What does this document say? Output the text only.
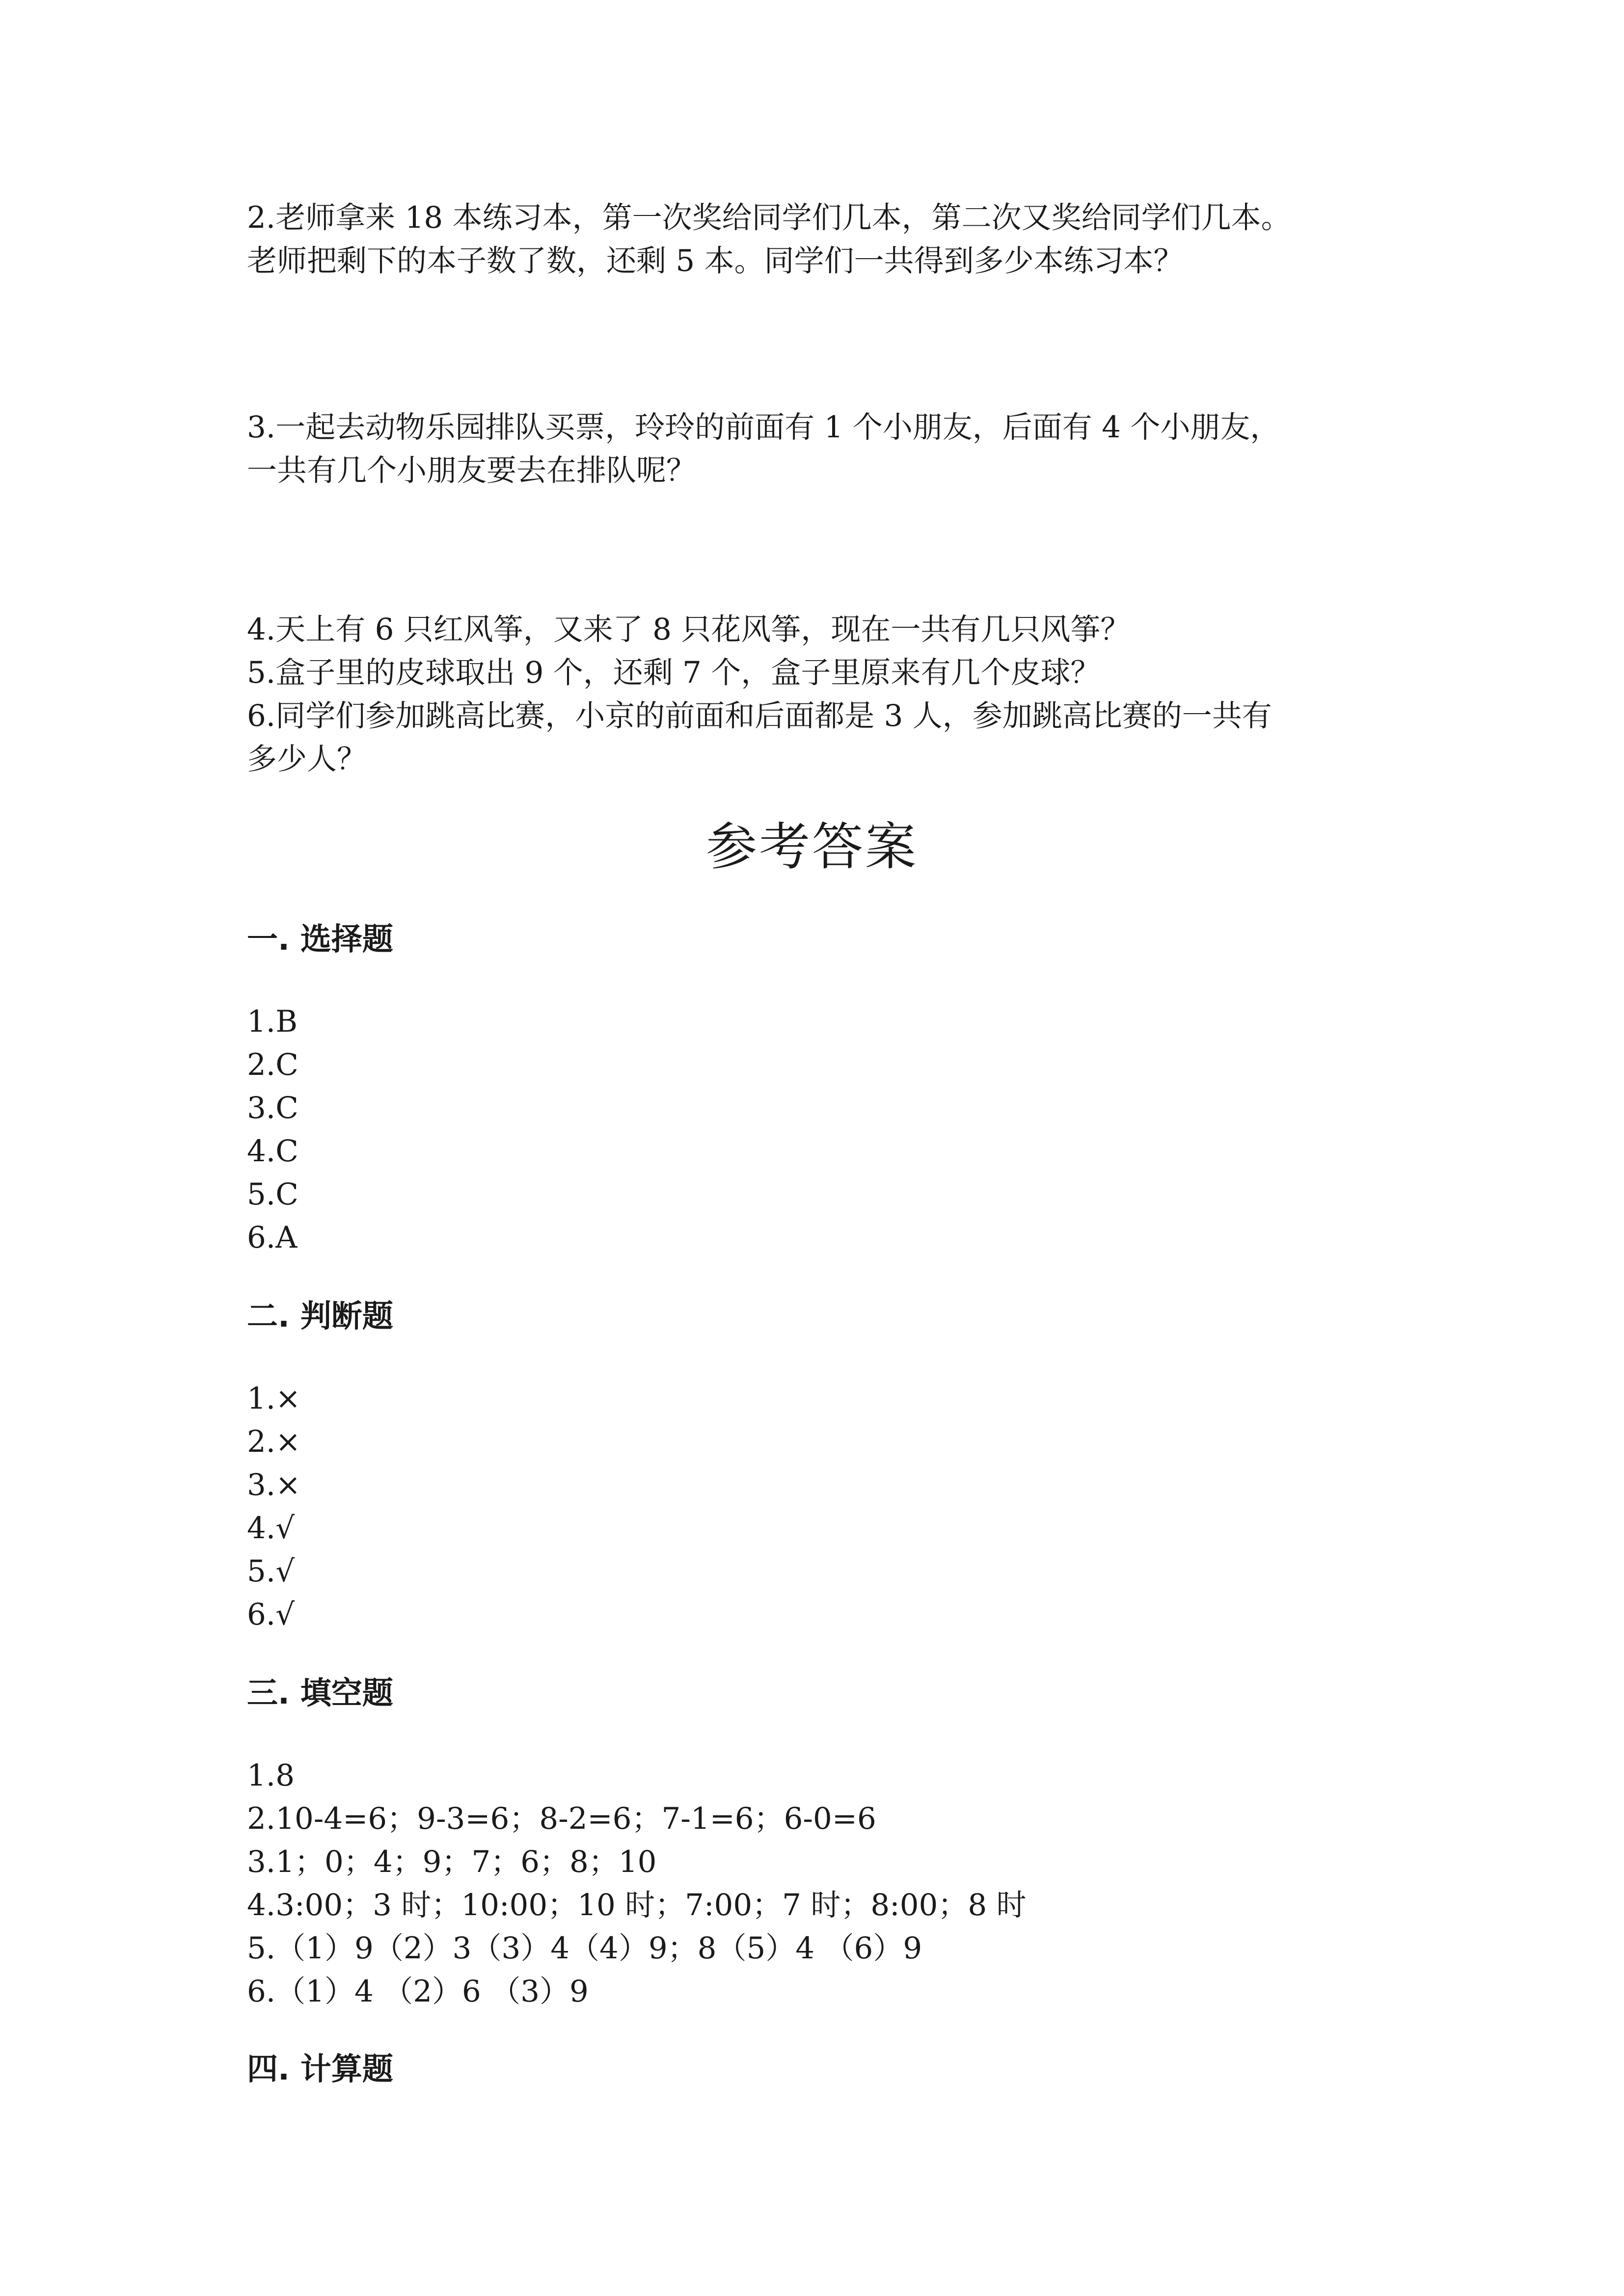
2.老师拿来 18 本练习本，第一次奖给同学们几本，第二次又奖给同学们几本。
老师把剩下的本子数了数，还剩 5 本。同学们一共得到多少本练习本？
3.一起去动物乐园排队买票，玲玲的前面有 1 个小朋友，后面有 4 个小朋友，
一共有几个小朋友要去在排队呢？
4.天上有 6 只红风筝，又来了 8 只花风筝，现在一共有几只风筝？
5.盒子里的皮球取出 9 个，还剩 7 个，盒子里原来有几个皮球？
6.同学们参加跳高比赛，小京的前面和后面都是 3 人，参加跳高比赛的一共有
多少人？
参考答案
一. 选择题
1.B
2.C
3.C
4.C
5.C
6.A
二. 判断题
1.×
2.×
3.×
4.√
5.√
6.√
三. 填空题
1.8
2.10-4=6；9-3=6；8-2=6；7-1=6；6-0=6
3.1；0；4；9；7；6；8；10
4.3:00；3 时；10:00；10 时；7:00；7 时；8:00；8 时
5.（1）9（2）3（3）4（4）9；8（5）4 （6）9
6.（1）4 （2）6 （3）9
四. 计算题
